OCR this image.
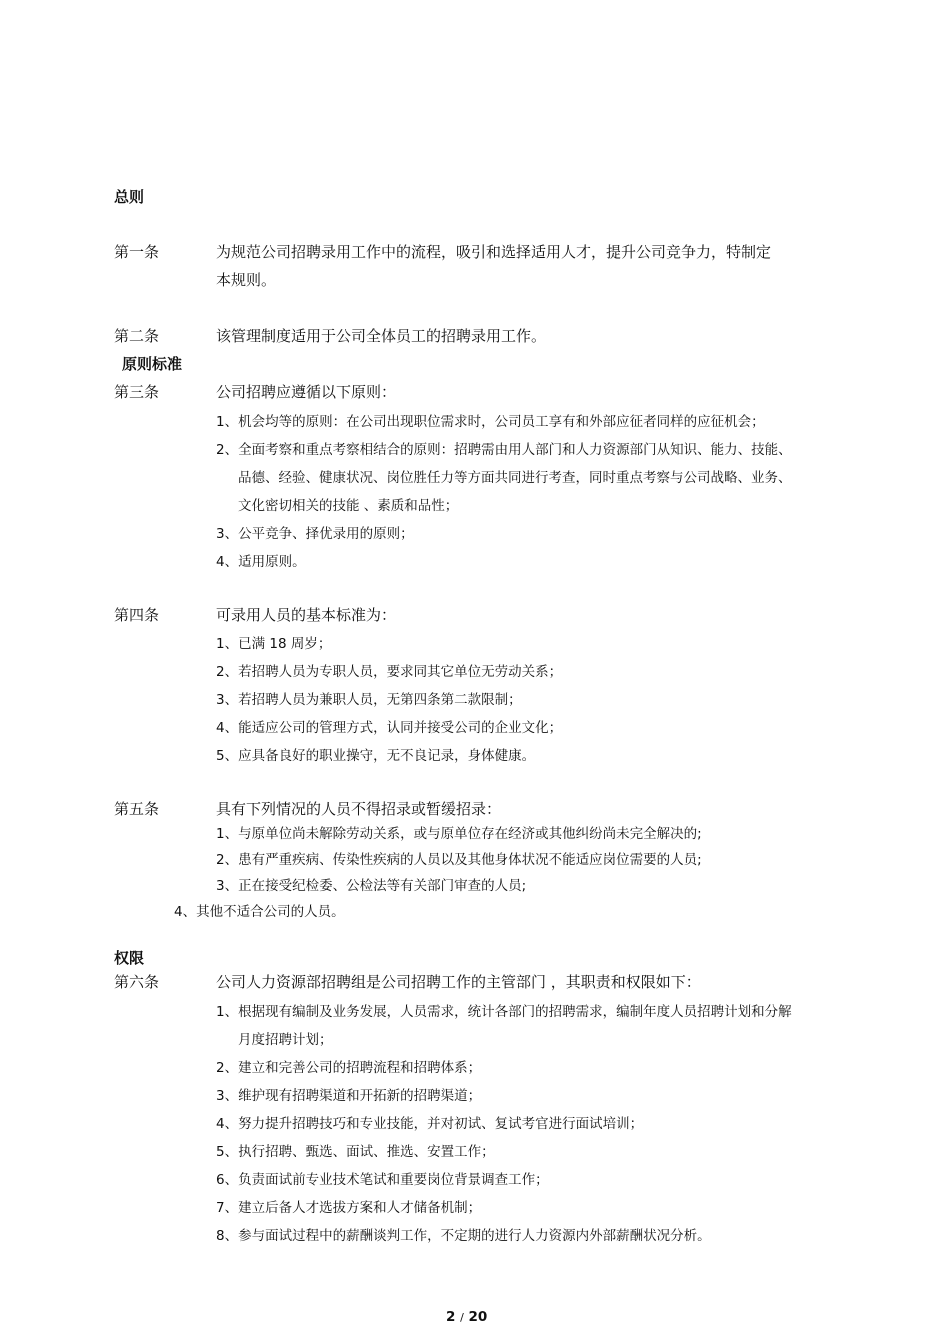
总则
第一条	为规范公司招聘录用工作中的流程，吸引和选择适用人才，提升公司竞争力，特制定
本规则。
第二条	该管理制度适用于公司全体员工的招聘录用工作。
原则标准
第三条	公司招聘应遵循以下原则：
1、机会均等的原则：在公司出现职位需求时，公司员工享有和外部应征者同样的应征机会；
2、全面考察和重点考察相结合的原则：招聘需由用人部门和人力资源部门从知识、能力、技能、
品德、经验、健康状况、岗位胜任力等方面共同进行考查，同时重点考察与公司战略、业务、
文化密切相关的技能 、素质和品性；
3、公平竞争、择优录用的原则；
4、适用原则。
第四条	可录用人员的基本标准为：
1、已满 18 周岁；
2、若招聘人员为专职人员，要求同其它单位无劳动关系；
3、若招聘人员为兼职人员，无第四条第二款限制；
4、能适应公司的管理方式，认同并接受公司的企业文化；
5、应具备良好的职业操守，无不良记录，身体健康。
第五条	具有下列情况的人员不得招录或暂缓招录：
1、与原单位尚未解除劳动关系，或与原单位存在经济或其他纠纷尚未完全解决的;
2、患有严重疾病、传染性疾病的人员以及其他身体状况不能适应岗位需要的人员;
3、正在接受纪检委、公检法等有关部门审查的人员;
4、其他不适合公司的人员。
权限
第六条	公司人力资源部招聘组是公司招聘工作的主管部门 ，其职责和权限如下：
1、根据现有编制及业务发展，人员需求，统计各部门的招聘需求，编制年度人员招聘计划和分解
月度招聘计划；
2、建立和完善公司的招聘流程和招聘体系；
3、维护现有招聘渠道和开拓新的招聘渠道；
4、努力提升招聘技巧和专业技能，并对初试、复试考官进行面试培训；
5、执行招聘、甄选、面试、推选、安置工作；
6、负责面试前专业技术笔试和重要岗位背景调查工作；
7、建立后备人才选拔方案和人才储备机制；
8、参与面试过程中的薪酬谈判工作，不定期的进行人力资源内外部薪酬状况分析。
2 / 20
